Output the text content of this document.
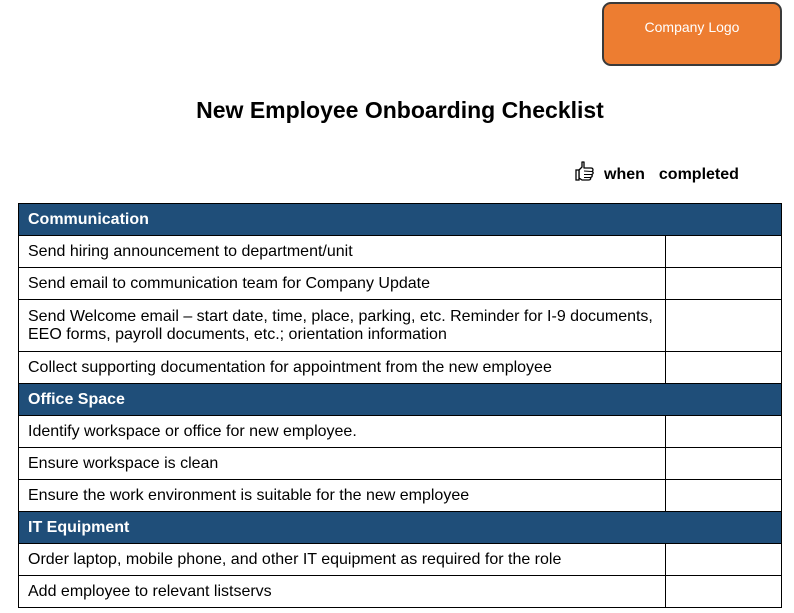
Company Logo
New Employee Onboarding Checklist
when completed
Communication	
Send hiring announcement to department/unit	
Send email to communication team for Company Update	
Send Welcome email – start date, time, place, parking, etc. Reminder for I-9 documents, EEO forms, payroll documents, etc.; orientation information	
Collect supporting documentation for appointment from the new employee	
Office Space	
Identify workspace or office for new employee.	
Ensure workspace is clean	
Ensure the work environment is suitable for the new employee	
IT Equipment	
Order laptop, mobile phone, and other IT equipment as required for the role	
Add employee to relevant listservs	
